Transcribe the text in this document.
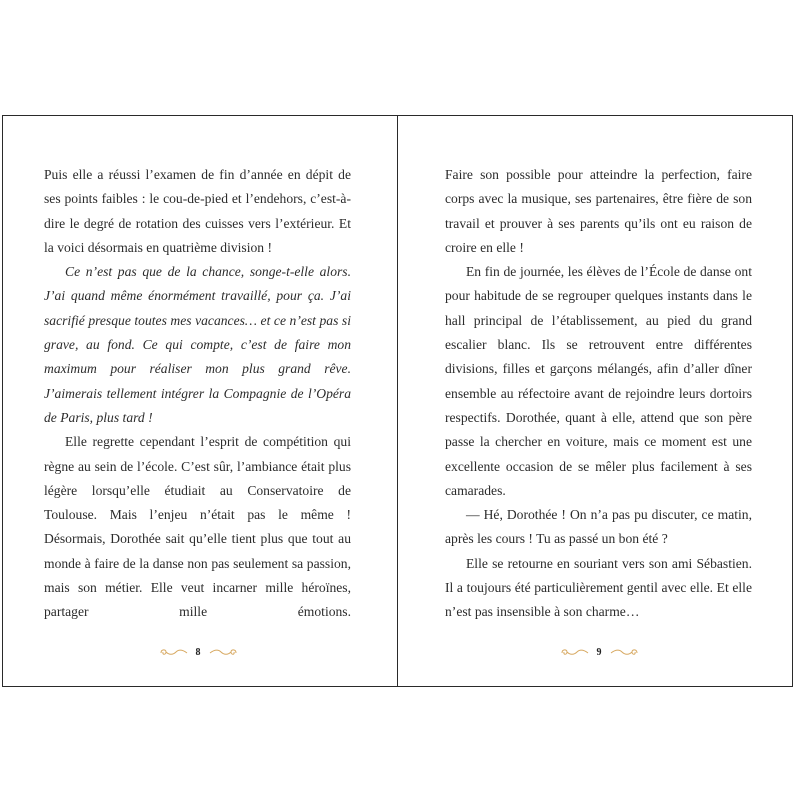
Puis elle a réussi l’examen de fin d’année en dépit de ses points faibles : le cou-de-pied et l’endehors, c’est-à-dire le degré de rotation des cuisses vers l’extérieur. Et la voici désormais en quatrième division !

Ce n’est pas que de la chance, songe-t-elle alors. J’ai quand même énormément travaillé, pour ça. J’ai sacrifié presque toutes mes vacances… et ce n’est pas si grave, au fond. Ce qui compte, c’est de faire mon maximum pour réaliser mon plus grand rêve. J’aimerais tellement intégrer la Compagnie de l’Opéra de Paris, plus tard !

Elle regrette cependant l’esprit de compétition qui règne au sein de l’école. C’est sûr, l’ambiance était plus légère lorsqu’elle étudiait au Conservatoire de Toulouse. Mais l’enjeu n’était pas le même ! Désormais, Dorothée sait qu’elle tient plus que tout au monde à faire de la danse non pas seulement sa passion, mais son métier. Elle veut incarner mille héroïnes, partager mille émotions.

Faire son possible pour atteindre la perfection, faire corps avec la musique, ses partenaires, être fière de son travail et prouver à ses parents qu’ils ont eu raison de croire en elle !

En fin de journée, les élèves de l’École de danse ont pour habitude de se regrouper quelques instants dans le hall principal de l’établissement, au pied du grand escalier blanc. Ils se retrouvent entre différentes divisions, filles et garçons mélangés, afin d’aller dîner ensemble au réfectoire avant de rejoindre leurs dortoirs respectifs. Dorothée, quant à elle, attend que son père passe la chercher en voiture, mais ce moment est une excellente occasion de se mêler plus facilement à ses camarades.

— Hé, Dorothée ! On n’a pas pu discuter, ce matin, après les cours ! Tu as passé un bon été ?

Elle se retourne en souriant vers son ami Sébastien. Il a toujours été particulièrement gentil avec elle. Et elle n’est pas insensible à son charme…

8	9
